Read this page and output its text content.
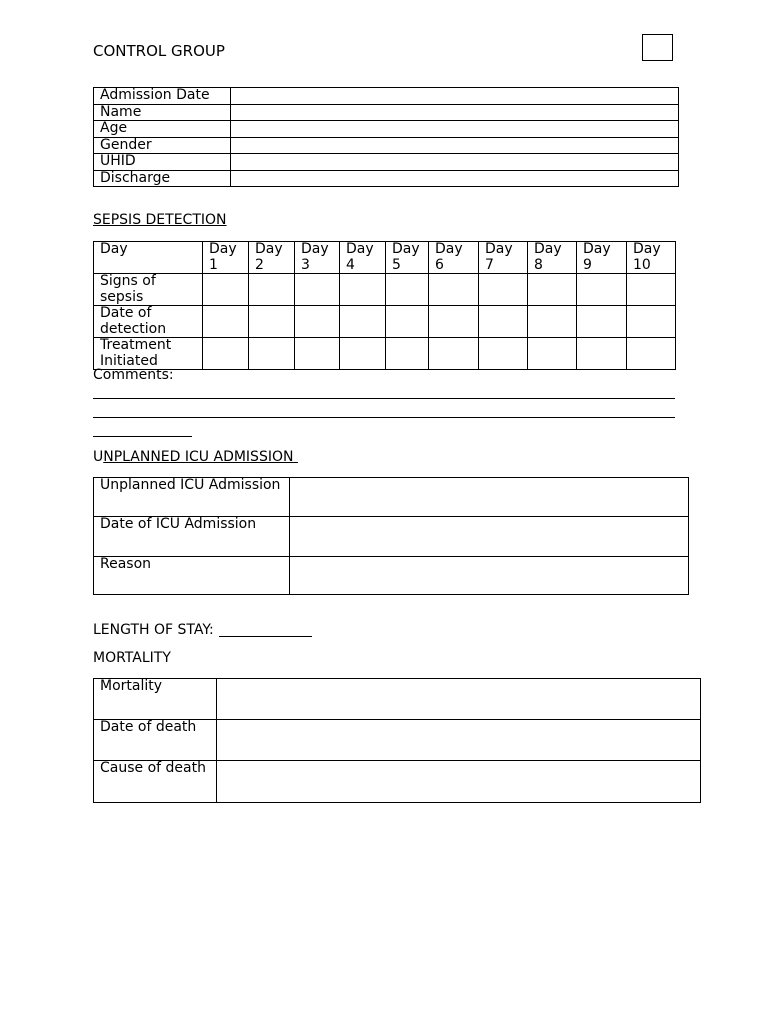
CONTROL GROUP
Admission Date	
Name	
Age	
Gender	
UHID	
Discharge	
SEPSIS DETECTION
Day	Day 1	Day 2	Day 3	Day 4	Day 5	Day 6	Day 7	Day 8	Day 9	Day 10
Signs of sepsis										
Date of detection										
Treatment Initiated										
Comments:
UNPLANNED ICU ADMISSION
Unplanned ICU Admission	
Date of ICU Admission	
Reason	
LENGTH OF STAY:
MORTALITY
Mortality	
Date of death	
Cause of death	
